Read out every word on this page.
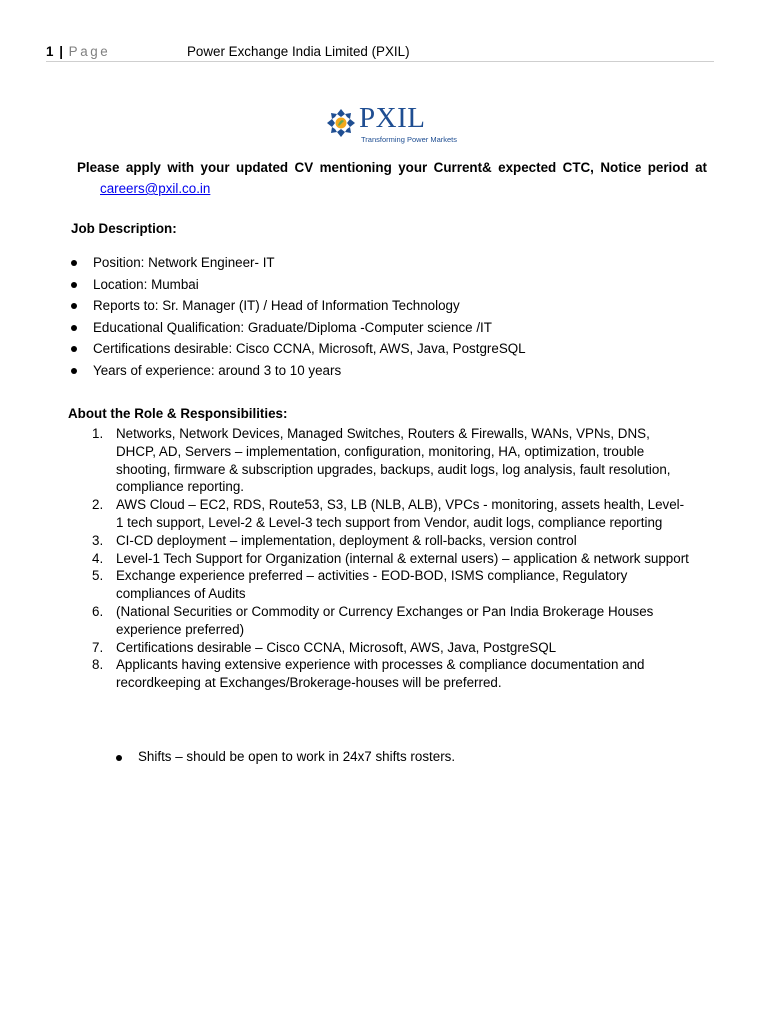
1 | Page	Power Exchange India Limited (PXIL)
PXIL
Transforming Power Markets
Please apply with your updated CV mentioning your Current& expected CTC, Notice period at
careers@pxil.co.in
Job Description:
Position: Network Engineer- IT
Location: Mumbai
Reports to: Sr. Manager (IT) / Head of Information Technology
Educational Qualification: Graduate/Diploma -Computer science /IT
Certifications desirable: Cisco CCNA, Microsoft, AWS, Java, PostgreSQL
Years of experience: around 3 to 10 years
About the Role & Responsibilities:
1. Networks, Network Devices, Managed Switches, Routers & Firewalls, WANs, VPNs, DNS, DHCP, AD, Servers – implementation, configuration, monitoring, HA, optimization, trouble shooting, firmware & subscription upgrades, backups, audit logs, log analysis, fault resolution, compliance reporting.
2. AWS Cloud – EC2, RDS, Route53, S3, LB (NLB, ALB), VPCs - monitoring, assets health, Level-1 tech support, Level-2 & Level-3 tech support from Vendor, audit logs, compliance reporting
3. CI-CD deployment – implementation, deployment & roll-backs, version control
4. Level-1 Tech Support for Organization (internal & external users) – application & network support
5. Exchange experience preferred – activities - EOD-BOD, ISMS compliance, Regulatory compliances of Audits
6. (National Securities or Commodity or Currency Exchanges or Pan India Brokerage Houses experience preferred)
7. Certifications desirable – Cisco CCNA, Microsoft, AWS, Java, PostgreSQL
8. Applicants having extensive experience with processes & compliance documentation and recordkeeping at Exchanges/Brokerage-houses will be preferred.
Shifts – should be open to work in 24x7 shifts rosters.
